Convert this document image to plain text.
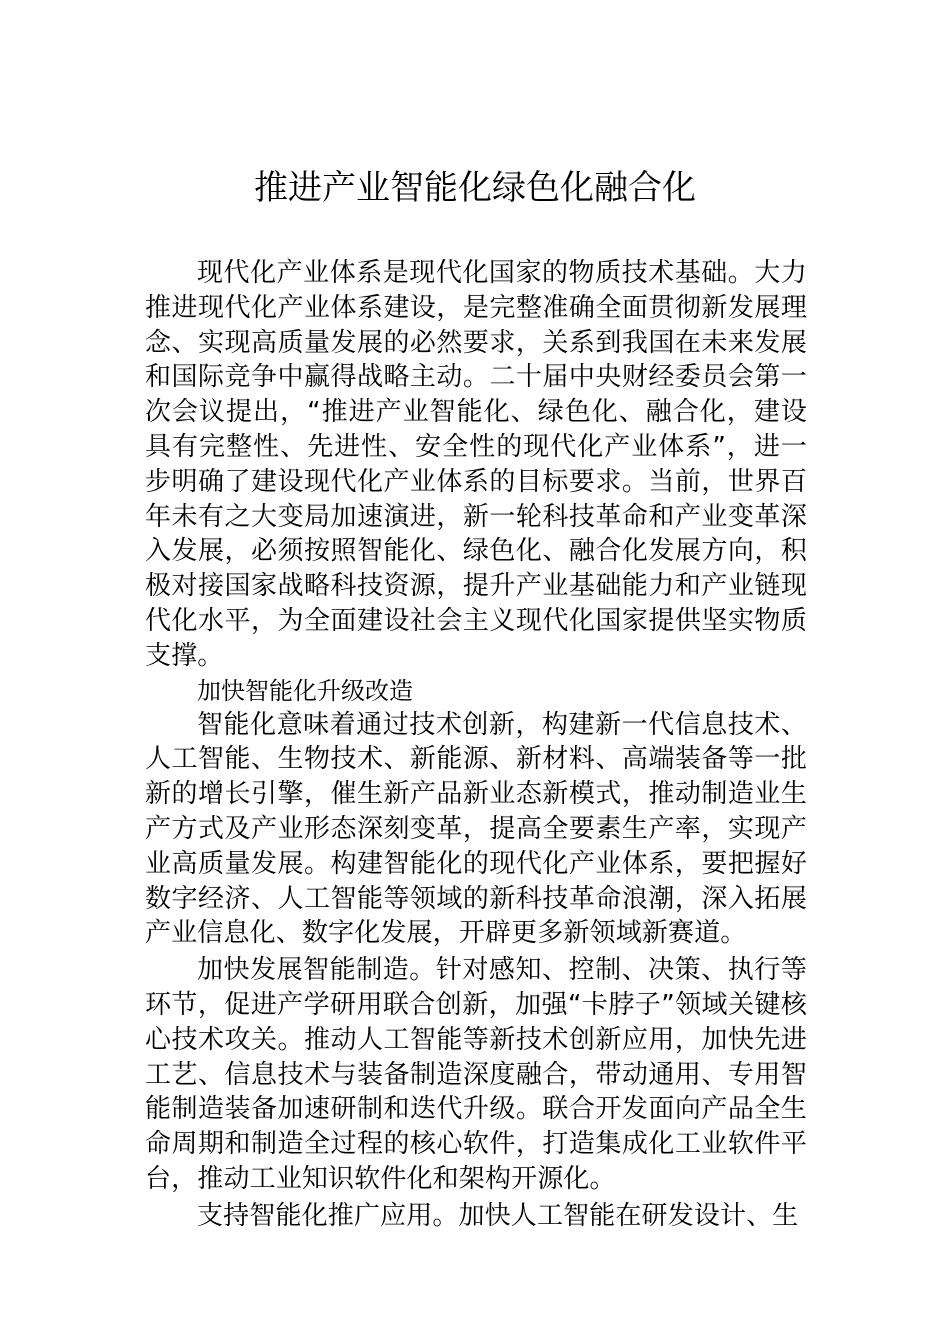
推进产业智能化绿色化融合化

现代化产业体系是现代化国家的物质技术基础。大力推进现代化产业体系建设，是完整准确全面贯彻新发展理念、实现高质量发展的必然要求，关系到我国在未来发展和国际竞争中赢得战略主动。二十届中央财经委员会第一次会议提出，“推进产业智能化、绿色化、融合化，建设具有完整性、先进性、安全性的现代化产业体系”，进一步明确了建设现代化产业体系的目标要求。当前，世界百年未有之大变局加速演进，新一轮科技革命和产业变革深入发展，必须按照智能化、绿色化、融合化发展方向，积极对接国家战略科技资源，提升产业基础能力和产业链现代化水平，为全面建设社会主义现代化国家提供坚实物质支撑。

加快智能化升级改造

智能化意味着通过技术创新，构建新一代信息技术、人工智能、生物技术、新能源、新材料、高端装备等一批新的增长引擎，催生新产品新业态新模式，推动制造业生产方式及产业形态深刻变革，提高全要素生产率，实现产业高质量发展。构建智能化的现代化产业体系，要把握好数字经济、人工智能等领域的新科技革命浪潮，深入拓展产业信息化、数字化发展，开辟更多新领域新赛道。

加快发展智能制造。针对感知、控制、决策、执行等环节，促进产学研用联合创新，加强“卡脖子”领域关键核心技术攻关。推动人工智能等新技术创新应用，加快先进工艺、信息技术与装备制造深度融合，带动通用、专用智能制造装备加速研制和迭代升级。联合开发面向产品全生命周期和制造全过程的核心软件，打造集成化工业软件平台，推动工业知识软件化和架构开源化。

支持智能化推广应用。加快人工智能在研发设计、生
